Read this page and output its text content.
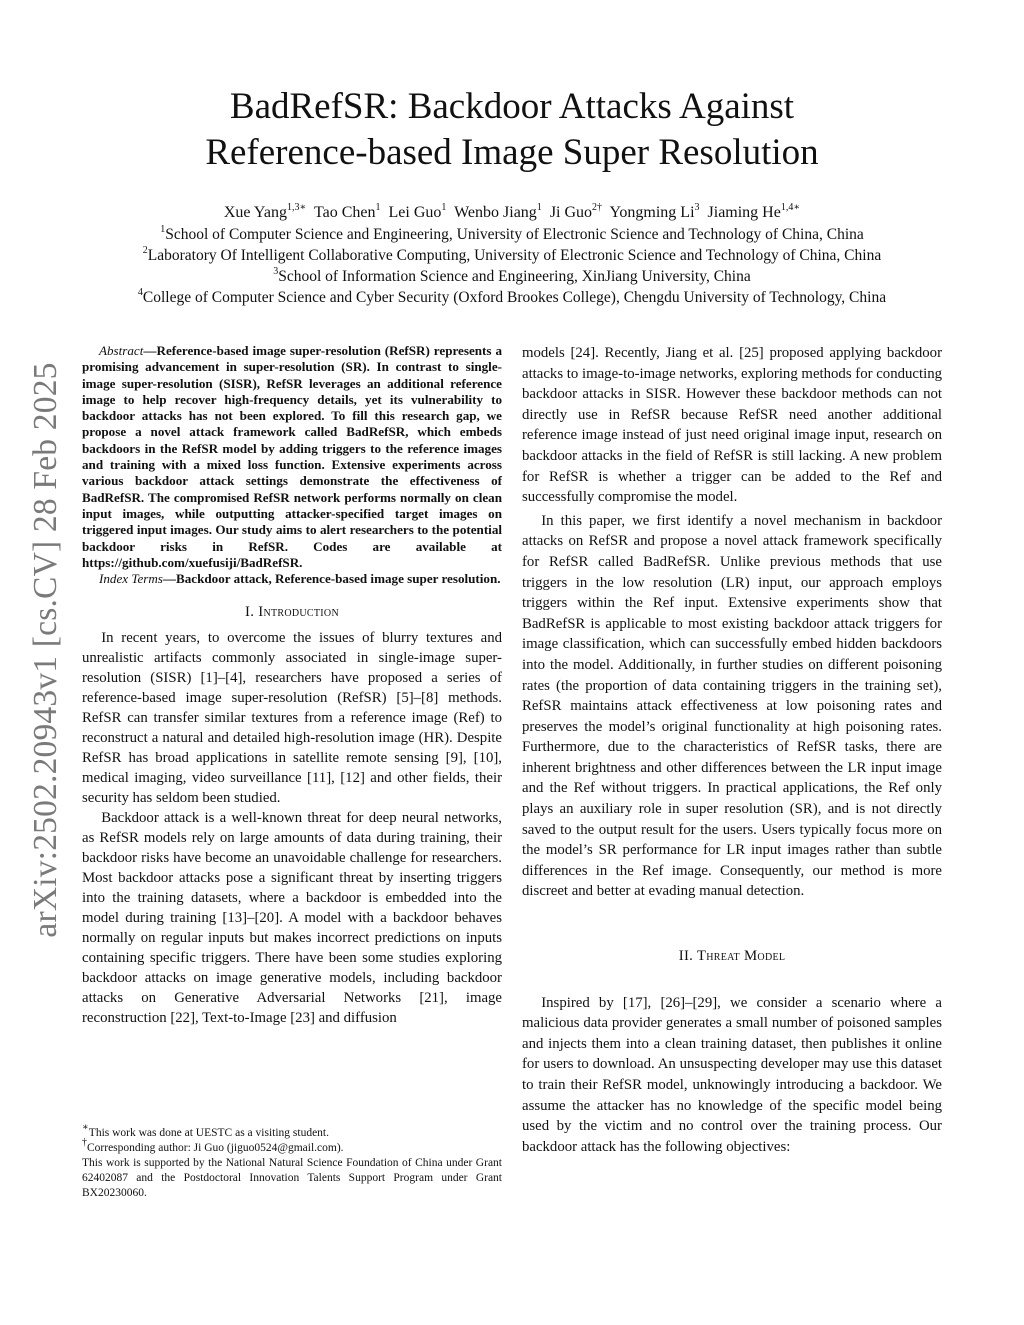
arXiv:2502.20943v1 [cs.CV] 28 Feb 2025
BadRefSR: Backdoor Attacks Against
Reference-based Image Super Resolution
Xue Yang$^{1,3∗}$ Tao Chen$^1$ Lei Guo$^1$ Wenbo Jiang$^1$ Ji Guo$^{2\dagger}$ Yongming Li$^3$ Jiaming $He^{1,4∗}$
$^1$School of Computer Science and Engineering, University of Electronic Science and Technology of China, China
$^2$Laboratory Of Intelligent Collaborative Computing, University of Electronic Science and Technology of China, China
$^3$School of Information Science and Engineering, XinJiang University, China
$^4$College of Computer Science and Cyber Security (Oxford Brookes College), Chengdu University of Technology, China

Abstract—Reference-based image super-resolution (RefSR) represents a promising advancement in super-resolution (SR). In contrast to single-image super-resolution (SISR), RefSR leverages an additional reference image to help recover high-frequency details, yet its vulnerability to backdoor attacks has not been explored. To fill this research gap, we propose a novel attack framework called BadRefSR, which embeds backdoors in the RefSR model by adding triggers to the reference images and training with a mixed loss function. Extensive experiments across various backdoor attack settings demonstrate the effectiveness of BadRefSR. The compromised RefSR network performs normally on clean input images, while outputting attacker-specified target images on triggered input images. Our study aims to alert researchers to the potential backdoor risks in RefSR. Codes are available at https://github.com/xuefusiji/BadRefSR.

Index Terms—Backdoor attack, Reference-based image super resolution.

I. Introduction

In recent years, to overcome the issues of blurry textures and unrealistic artifacts commonly associated in single-image super-resolution (SISR) [1]–[4], researchers have proposed a series of reference-based image super-resolution (RefSR) [5]–[8] methods. RefSR can transfer similar textures from a reference image (Ref) to reconstruct a natural and detailed high-resolution image (HR). Despite RefSR has broad applications in satellite remote sensing [9], [10], medical imaging, video surveillance [11], [12] and other fields, their security has seldom been studied.

Backdoor attack is a well-known threat for deep neural networks, as RefSR models rely on large amounts of data during training, their backdoor risks have become an unavoidable challenge for researchers. Most backdoor attacks pose a significant threat by inserting triggers into the training datasets, where a backdoor is embedded into the model during training [13]–[20]. A model with a backdoor behaves normally on regular inputs but makes incorrect predictions on inputs containing specific triggers. There have been some studies exploring backdoor attacks on image generative models, including backdoor attacks on Generative Adversarial Networks [21], image reconstruction [22], Text-to-Image [23] and diffusion

models [24]. Recently, Jiang et al. [25] proposed applying backdoor attacks to image-to-image networks, exploring methods for conducting backdoor attacks in SISR. However these backdoor methods can not directly use in RefSR because RefSR need another additional reference image instead of just need original image input, research on backdoor attacks in the field of RefSR is still lacking. A new problem for RefSR is whether a trigger can be added to the Ref and successfully compromise the model.

In this paper, we first identify a novel mechanism in backdoor attacks on RefSR and propose a novel attack framework specifically for RefSR called BadRefSR. Unlike previous methods that use triggers in the low resolution (LR) input, our approach employs triggers within the Ref input. Extensive experiments show that BadRefSR is applicable to most existing backdoor attack triggers for image classification, which can successfully embed hidden backdoors into the model. Additionally, in further studies on different poisoning rates (the proportion of data containing triggers in the training set), RefSR maintains attack effectiveness at low poisoning rates and preserves the model’s original functionality at high poisoning rates. Furthermore, due to the characteristics of RefSR tasks, there are inherent brightness and other differences between the LR input image and the Ref without triggers. In practical applications, the Ref only plays an auxiliary role in super resolution (SR), and is not directly saved to the output result for the users. Users typically focus more on the model’s SR performance for LR input images rather than subtle differences in the Ref image. Consequently, our method is more discreet and better at evading manual detection.

II. Threat Model

Inspired by [17], [26]–[29], we consider a scenario where a malicious data provider generates a small number of poisoned samples and injects them into a clean training dataset, then publishes it online for users to download. An unsuspecting developer may use this dataset to train their RefSR model, unknowingly introducing a backdoor. We assume the attacker has no knowledge of the specific model being used by the victim and no control over the training process. Our backdoor attack has the following objectives:

∗This work was done at UESTC as a visiting student.
†Corresponding author: Ji Guo (jiguo0524@gmail.com).
This work is supported by the National Natural Science Foundation of China under Grant 62402087 and the Postdoctoral Innovation Talents Support Program under Grant BX20230060.
